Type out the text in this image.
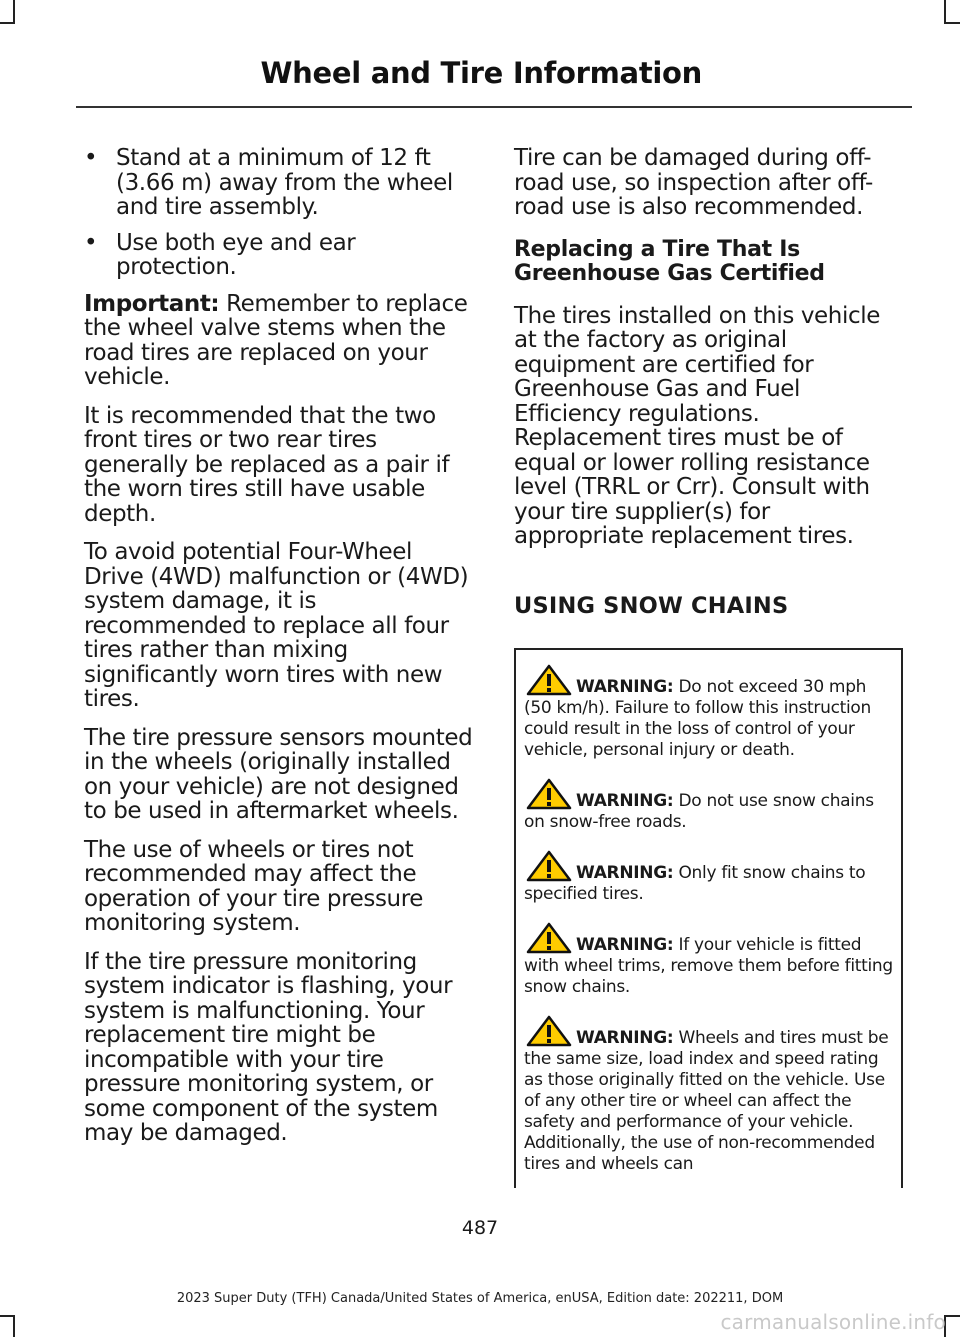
Wheel and Tire Information
• Stand at a minimum of 12 ft (3.66 m) away from the wheel and tire assembly.
• Use both eye and ear protection.

Important: Remember to replace the wheel valve stems when the road tires are replaced on your vehicle.

It is recommended that the two front tires or two rear tires generally be replaced as a pair if the worn tires still have usable depth.

To avoid potential Four-Wheel Drive (4WD) malfunction or (4WD) system damage, it is recommended to replace all four tires rather than mixing significantly worn tires with new tires.

The tire pressure sensors mounted in the wheels (originally installed on your vehicle) are not designed to be used in aftermarket wheels.

The use of wheels or tires not recommended may affect the operation of your tire pressure monitoring system.

If the tire pressure monitoring system indicator is flashing, your system is malfunctioning. Your replacement tire might be incompatible with your tire pressure monitoring system, or some component of the system may be damaged.

Tire can be damaged during off-road use, so inspection after off-road use is also recommended.

Replacing a Tire That Is Greenhouse Gas Certified

The tires installed on this vehicle at the factory as original equipment are certified for Greenhouse Gas and Fuel Efficiency regulations. Replacement tires must be of equal or lower rolling resistance level (TRRL or Crr). Consult with your tire supplier(s) for appropriate replacement tires.

USING SNOW CHAINS

WARNING: Do not exceed 30 mph (50 km/h). Failure to follow this instruction could result in the loss of control of your vehicle, personal injury or death.

WARNING: Do not use snow chains on snow-free roads.

WARNING: Only fit snow chains to specified tires.

WARNING: If your vehicle is fitted with wheel trims, remove them before fitting snow chains.

WARNING: Wheels and tires must be the same size, load index and speed rating as those originally fitted on the vehicle. Use of any other tire or wheel can affect the safety and performance of your vehicle. Additionally, the use of non-recommended tires and wheels can

487
2023 Super Duty (TFH) Canada/United States of America, enUSA, Edition date: 202211, DOM
carmanualsonline.info
